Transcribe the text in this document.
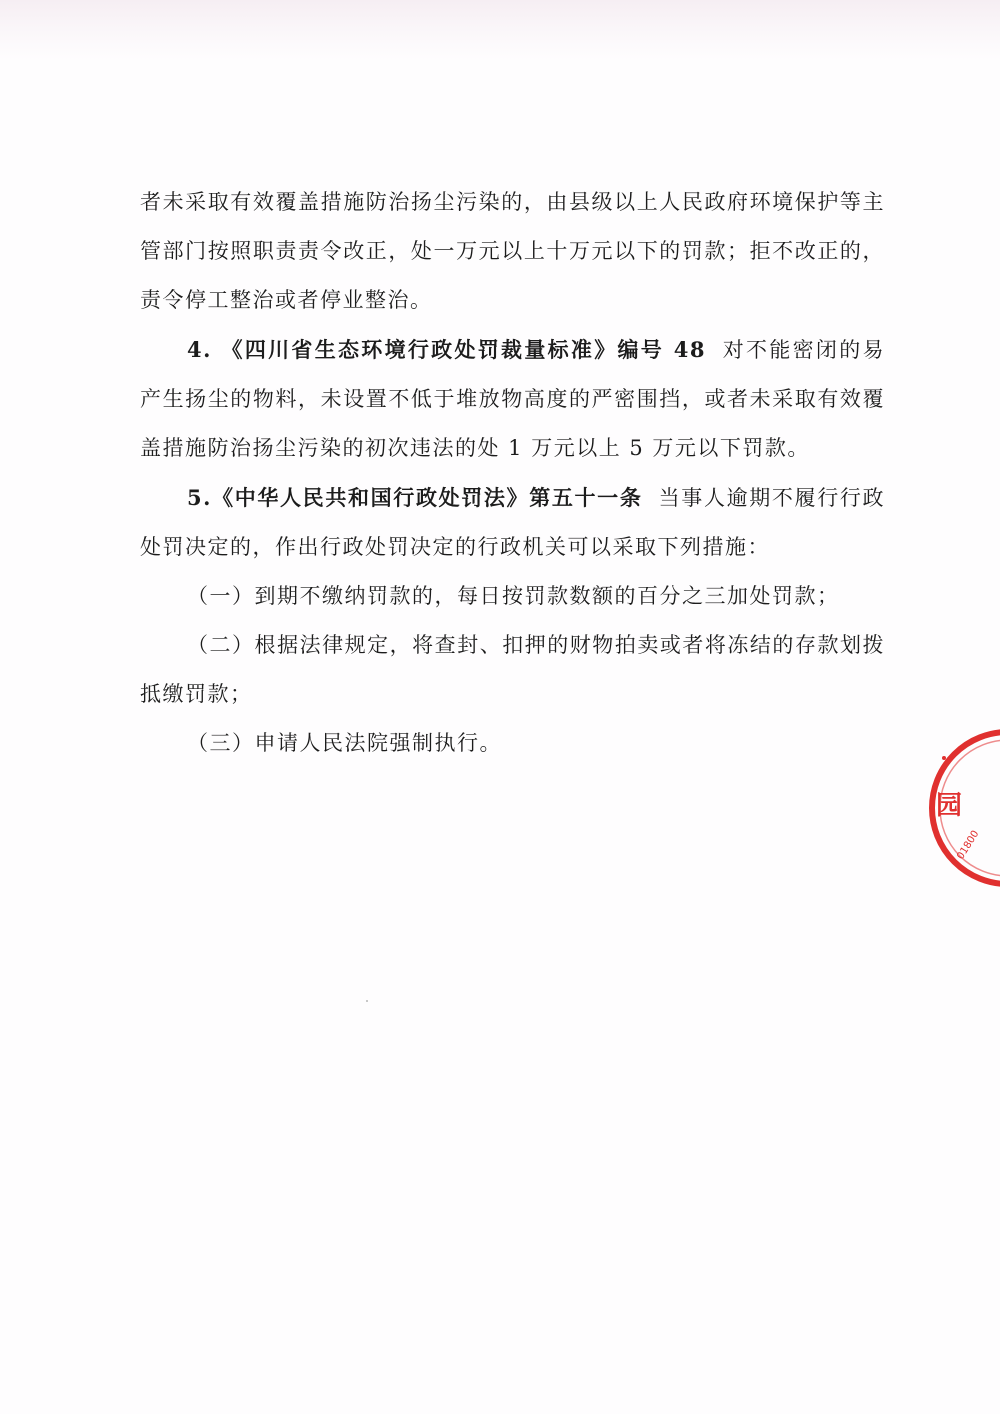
者未采取有效覆盖措施防治扬尘污染的，由县级以上人民政府环境保护等主管部门按照职责责令改正，处一万元以上十万元以下的罚款；拒不改正的，责令停工整治或者停业整治。

4. 《四川省生态环境行政处罚裁量标准》编号 48 对不能密闭的易产生扬尘的物料，未设置不低于堆放物高度的严密围挡，或者未采取有效覆盖措施防治扬尘污染的初次违法的处 1 万元以上 5 万元以下罚款。

5.《中华人民共和国行政处罚法》第五十一条 当事人逾期不履行行政处罚决定的，作出行政处罚决定的行政机关可以采取下列措施：

（一）到期不缴纳罚款的，每日按罚款数额的百分之三加处罚款；

（二）根据法律规定，将查封、扣押的财物拍卖或者将冻结的存款划拨抵缴罚款；

（三）申请人民法院强制执行。

园
01800
